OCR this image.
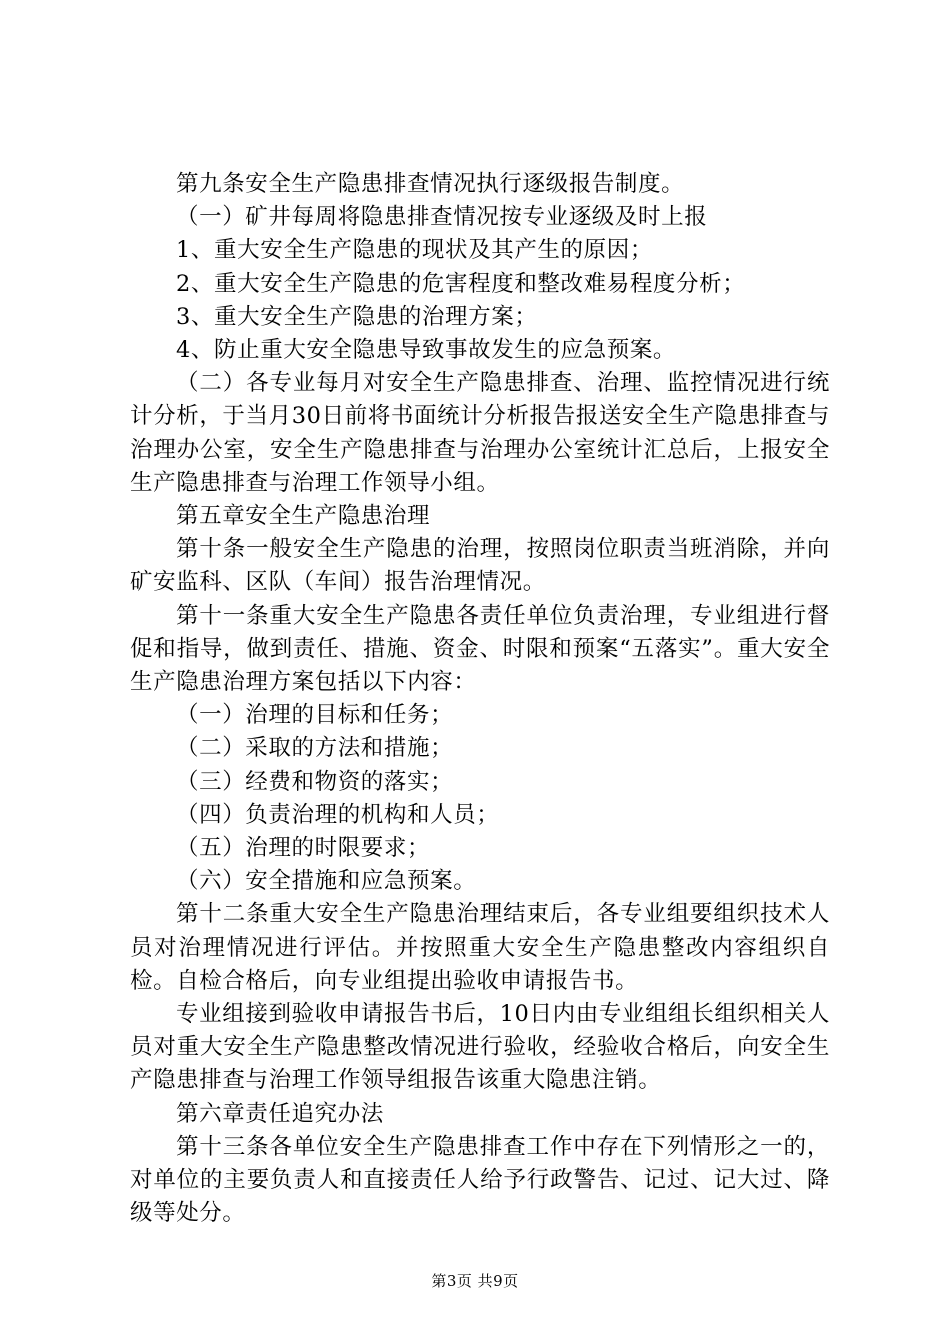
第九条安全生产隐患排查情况执行逐级报告制度。

（一）矿井每周将隐患排查情况按专业逐级及时上报

1、重大安全生产隐患的现状及其产生的原因；

2、重大安全生产隐患的危害程度和整改难易程度分析；

3、重大安全生产隐患的治理方案；

4、防止重大安全隐患导致事故发生的应急预案。

（二）各专业每月对安全生产隐患排查、治理、监控情况进行统计分析，于当月30日前将书面统计分析报告报送安全生产隐患排查与治理办公室，安全生产隐患排查与治理办公室统计汇总后，上报安全生产隐患排查与治理工作领导小组。

第五章安全生产隐患治理

第十条一般安全生产隐患的治理，按照岗位职责当班消除，并向矿安监科、区队（车间）报告治理情况。

第十一条重大安全生产隐患各责任单位负责治理，专业组进行督促和指导，做到责任、措施、资金、时限和预案“五落实”。重大安全生产隐患治理方案包括以下内容：

（一）治理的目标和任务；

（二）采取的方法和措施；

（三）经费和物资的落实；

（四）负责治理的机构和人员；

（五）治理的时限要求；

（六）安全措施和应急预案。

第十二条重大安全生产隐患治理结束后，各专业组要组织技术人员对治理情况进行评估。并按照重大安全生产隐患整改内容组织自检。自检合格后，向专业组提出验收申请报告书。

专业组接到验收申请报告书后，10日内由专业组组长组织相关人员对重大安全生产隐患整改情况进行验收，经验收合格后，向安全生产隐患排查与治理工作领导组报告该重大隐患注销。

第六章责任追究办法

第十三条各单位安全生产隐患排查工作中存在下列情形之一的，对单位的主要负责人和直接责任人给予行政警告、记过、记大过、降级等处分。

第3页 共9页
